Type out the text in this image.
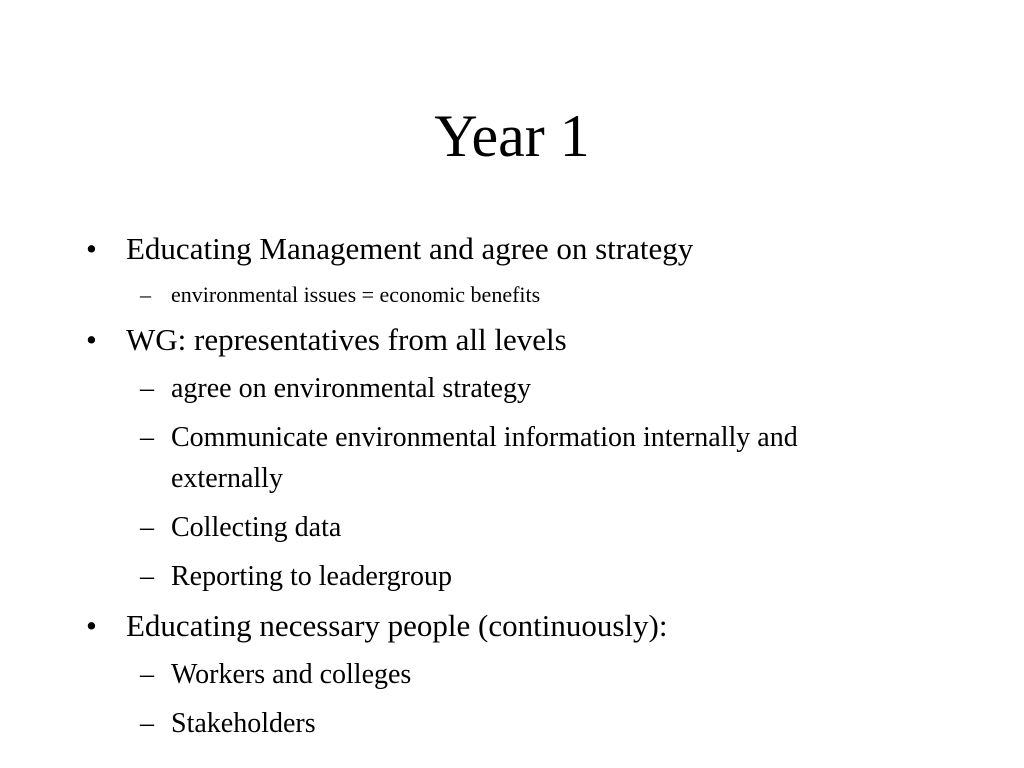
Year 1
• Educating Management and agree on strategy
– environmental issues = economic benefits
• WG: representatives from all levels
– agree on environmental strategy
– Communicate environmental information internally and
externally
– Collecting data
– Reporting to leadergroup
• Educating necessary people (continuously):
– Workers and colleges
– Stakeholders
